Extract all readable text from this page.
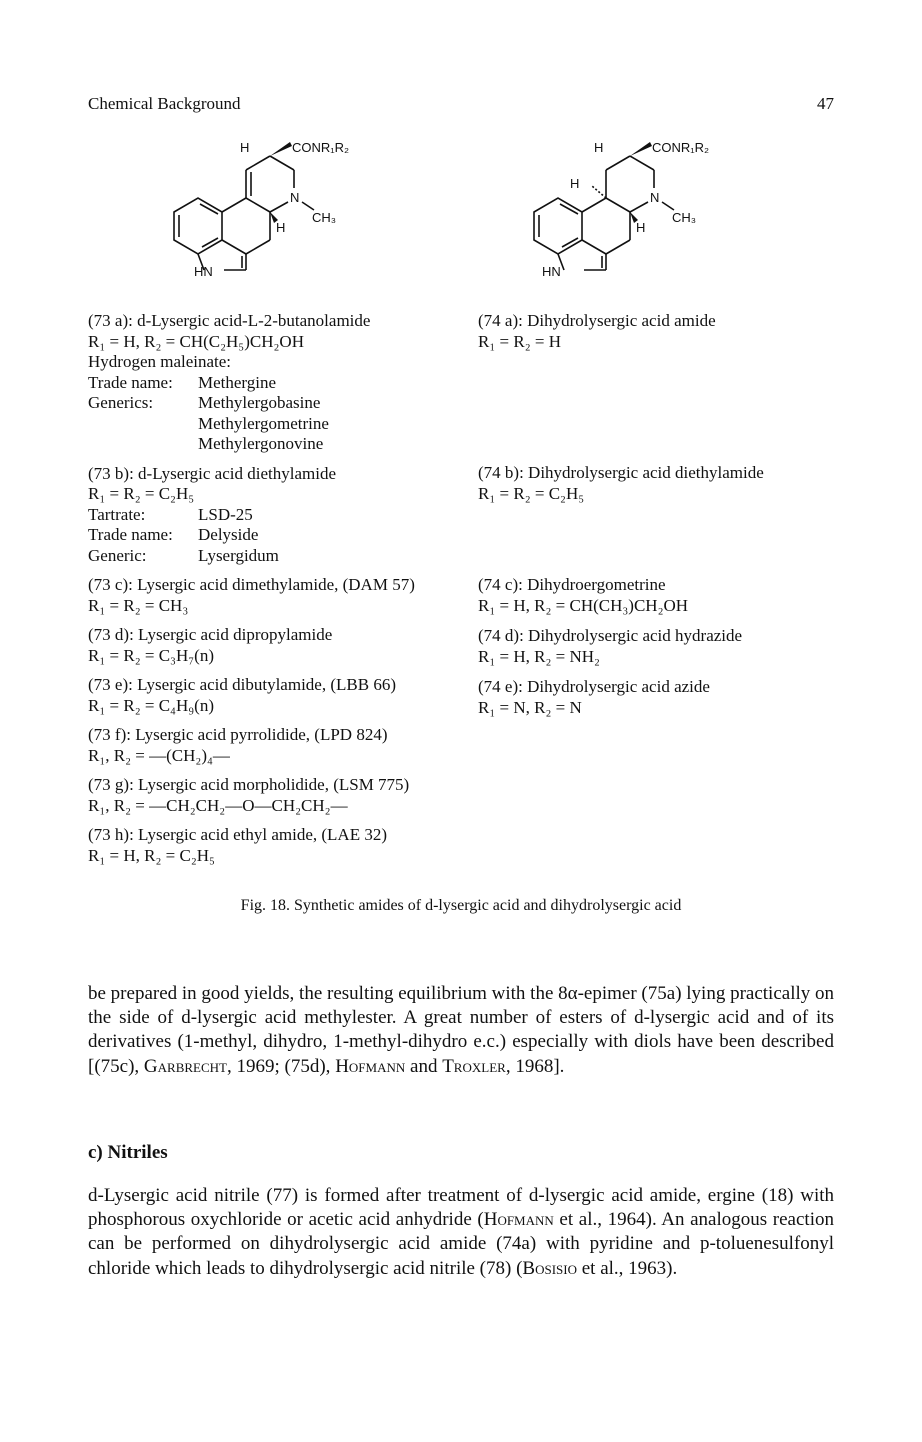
Chemical Background	47
H	CONR₁R₂
N
CH₃
H
HN
H	CONR₁R₂
H
N
CH₃
H
HN
(73 a): d-Lysergic acid-L-2-butanolamide
R₁ = H, R₂ = CH(C₂H₅)CH₂OH
Hydrogen maleinate:
Trade name:	Methergine
Generics:	Methylergobasine
Methylergometrine
Methylergonovine
(73 b): d-Lysergic acid diethylamide
R₁ = R₂ = C₂H₅
Tartrate:	LSD-25
Trade name:	Delyside
Generic:	Lysergidum
(73 c): Lysergic acid dimethylamide, (DAM 57)
R₁ = R₂ = CH₃
(73 d): Lysergic acid dipropylamide
R₁ = R₂ = C₃H₇(n)
(73 e): Lysergic acid dibutylamide, (LBB 66)
R₁ = R₂ = C₄H₉(n)
(73 f): Lysergic acid pyrrolidide, (LPD 824)
R₁, R₂ = —(CH₂)₄—
(73 g): Lysergic acid morpholidide, (LSM 775)
R₁, R₂ = —CH₂CH₂—O—CH₂CH₂—
(73 h): Lysergic acid ethyl amide, (LAE 32)
R₁ = H, R₂ = C₂H₅
(74 a): Dihydrolysergic acid amide
R₁ = R₂ = H
(74 b): Dihydrolysergic acid diethylamide
R₁ = R₂ = C₂H₅
(74 c): Dihydroergometrine
R₁ = H, R₂ = CH(CH₃)CH₂OH
(74 d): Dihydrolysergic acid hydrazide
R₁ = H, R₂ = NH₂
(74 e): Dihydrolysergic acid azide
R₁ = N, R₂ = N
Fig. 18. Synthetic amides of d-lysergic acid and dihydrolysergic acid

be prepared in good yields, the resulting equilibrium with the 8α-epimer (75a) lying practically on the side of d-lysergic acid methylester. A great number of esters of d-lysergic acid and of its derivatives (1-methyl, dihydro, 1-methyl-dihydro e.c.) especially with diols have been described [(75c), Garbrecht, 1969; (75d), Hofmann and Troxler, 1968].

c) Nitriles

d-Lysergic acid nitrile (77) is formed after treatment of d-lysergic acid amide, ergine (18) with phosphorous oxychloride or acetic acid anhydride (Hofmann et al., 1964). An analogous reaction can be performed on dihydrolysergic acid amide (74a) with pyridine and p-toluenesulfonyl chloride which leads to dihydrolysergic acid nitrile (78) (Bosisio et al., 1963).
